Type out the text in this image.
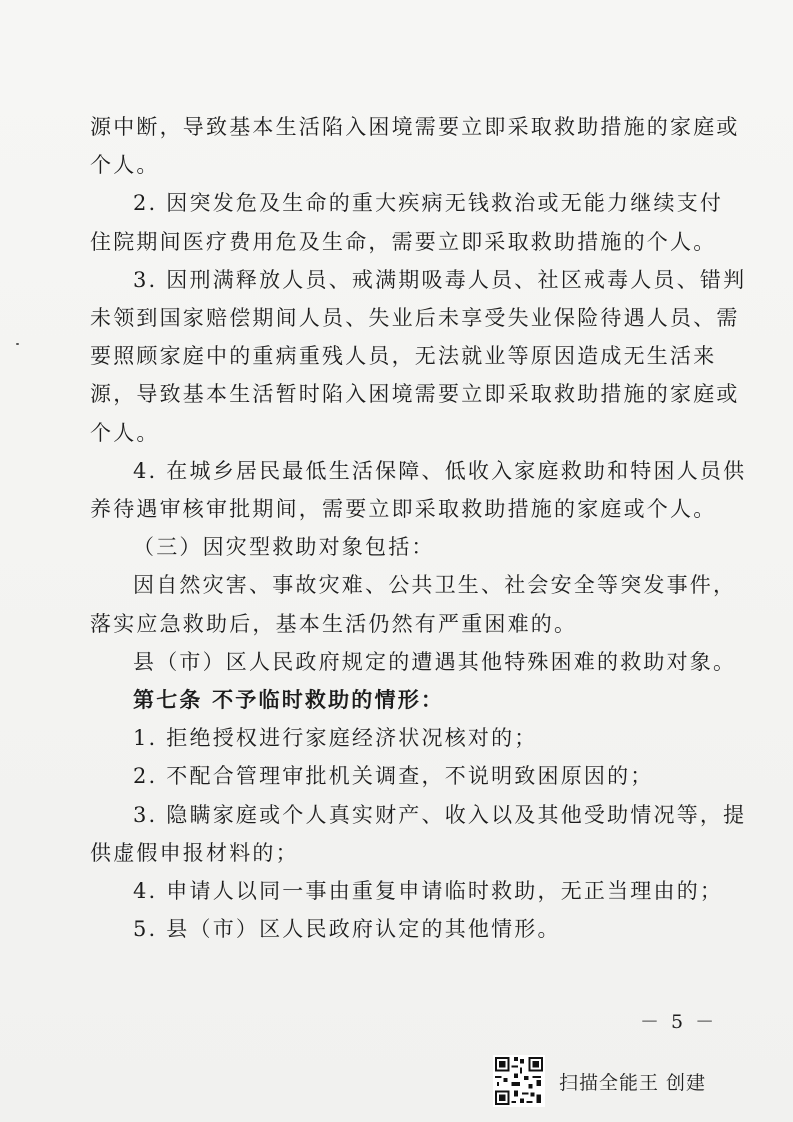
源中断，导致基本生活陷入困境需要立即采取救助措施的家庭或
个人。
2. 因突发危及生命的重大疾病无钱救治或无能力继续支付
住院期间医疗费用危及生命，需要立即采取救助措施的个人。
3. 因刑满释放人员、戒满期吸毒人员、社区戒毒人员、错判
未领到国家赔偿期间人员、失业后未享受失业保险待遇人员、需
要照顾家庭中的重病重残人员，无法就业等原因造成无生活来
源，导致基本生活暂时陷入困境需要立即采取救助措施的家庭或
个人。
4. 在城乡居民最低生活保障、低收入家庭救助和特困人员供
养待遇审核审批期间，需要立即采取救助措施的家庭或个人。
（三）因灾型救助对象包括：
因自然灾害、事故灾难、公共卫生、社会安全等突发事件，
落实应急救助后，基本生活仍然有严重困难的。
县（市）区人民政府规定的遭遇其他特殊困难的救助对象。
第七条 不予临时救助的情形：
1. 拒绝授权进行家庭经济状况核对的；
2. 不配合管理审批机关调查，不说明致困原因的；
3. 隐瞒家庭或个人真实财产、收入以及其他受助情况等，提
供虚假申报材料的；
－ 5 －
扫描全能王 创建
4. 申请人以同一事由重复申请临时救助，无正当理由的；
5. 县（市）区人民政府认定的其他情形。
